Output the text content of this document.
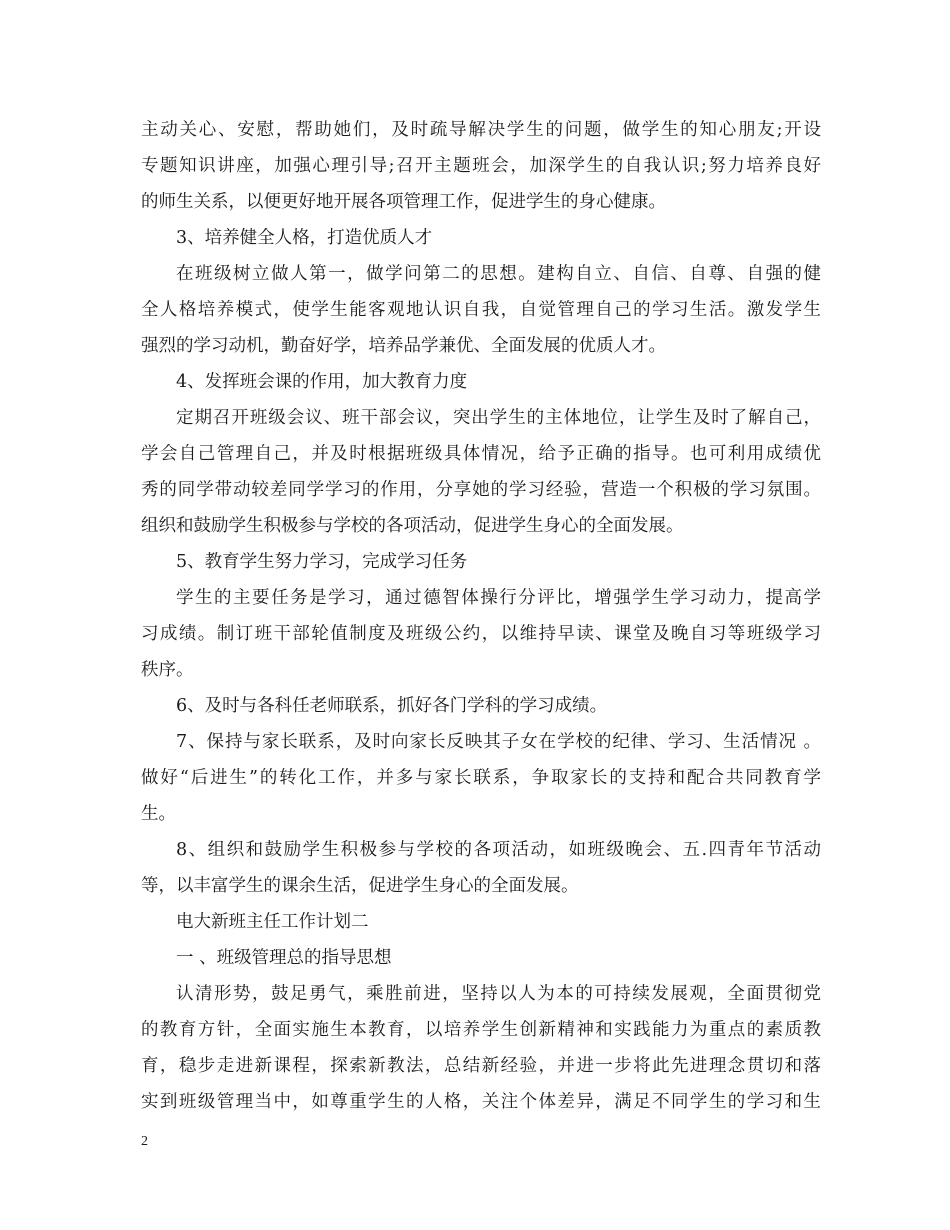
主动关心、安慰，帮助她们，及时疏导解决学生的问题，做学生的知心朋友;开设
专题知识讲座，加强心理引导;召开主题班会，加深学生的自我认识;努力培养良好
的师生关系，以便更好地开展各项管理工作，促进学生的身心健康。
3、培养健全人格，打造优质人才
在班级树立做人第一，做学问第二的思想。建构自立、自信、自尊、自强的健
全人格培养模式，使学生能客观地认识自我，自觉管理自己的学习生活。激发学生
强烈的学习动机，勤奋好学，培养品学兼优、全面发展的优质人才。
4、发挥班会课的作用，加大教育力度
定期召开班级会议、班干部会议，突出学生的主体地位，让学生及时了解自己，
学会自己管理自己，并及时根据班级具体情况，给予正确的指导。也可利用成绩优
秀的同学带动较差同学学习的作用，分享她的学习经验，营造一个积极的学习氛围。
组织和鼓励学生积极参与学校的各项活动，促进学生身心的全面发展。
5、教育学生努力学习，完成学习任务
学生的主要任务是学习，通过德智体操行分评比，增强学生学习动力，提高学
习成绩。制订班干部轮值制度及班级公约，以维持早读、课堂及晚自习等班级学习
秩序。
6、及时与各科任老师联系，抓好各门学科的学习成绩。
7、保持与家长联系，及时向家长反映其子女在学校的纪律、学习、生活情况 。
做好“后进生”的转化工作，并多与家长联系，争取家长的支持和配合共同教育学
生。
8、组织和鼓励学生积极参与学校的各项活动，如班级晚会、五.四青年节活动
等，以丰富学生的课余生活，促进学生身心的全面发展。
电大新班主任工作计划二
一 、班级管理总的指导思想
认清形势，鼓足勇气，乘胜前进，坚持以人为本的可持续发展观，全面贯彻党
的教育方针，全面实施生本教育，以培养学生创新精神和实践能力为重点的素质教
育，稳步走进新课程，探索新教法，总结新经验，并进一步将此先进理念贯切和落
实到班级管理当中，如尊重学生的人格，关注个体差异，满足不同学生的学习和生
2
